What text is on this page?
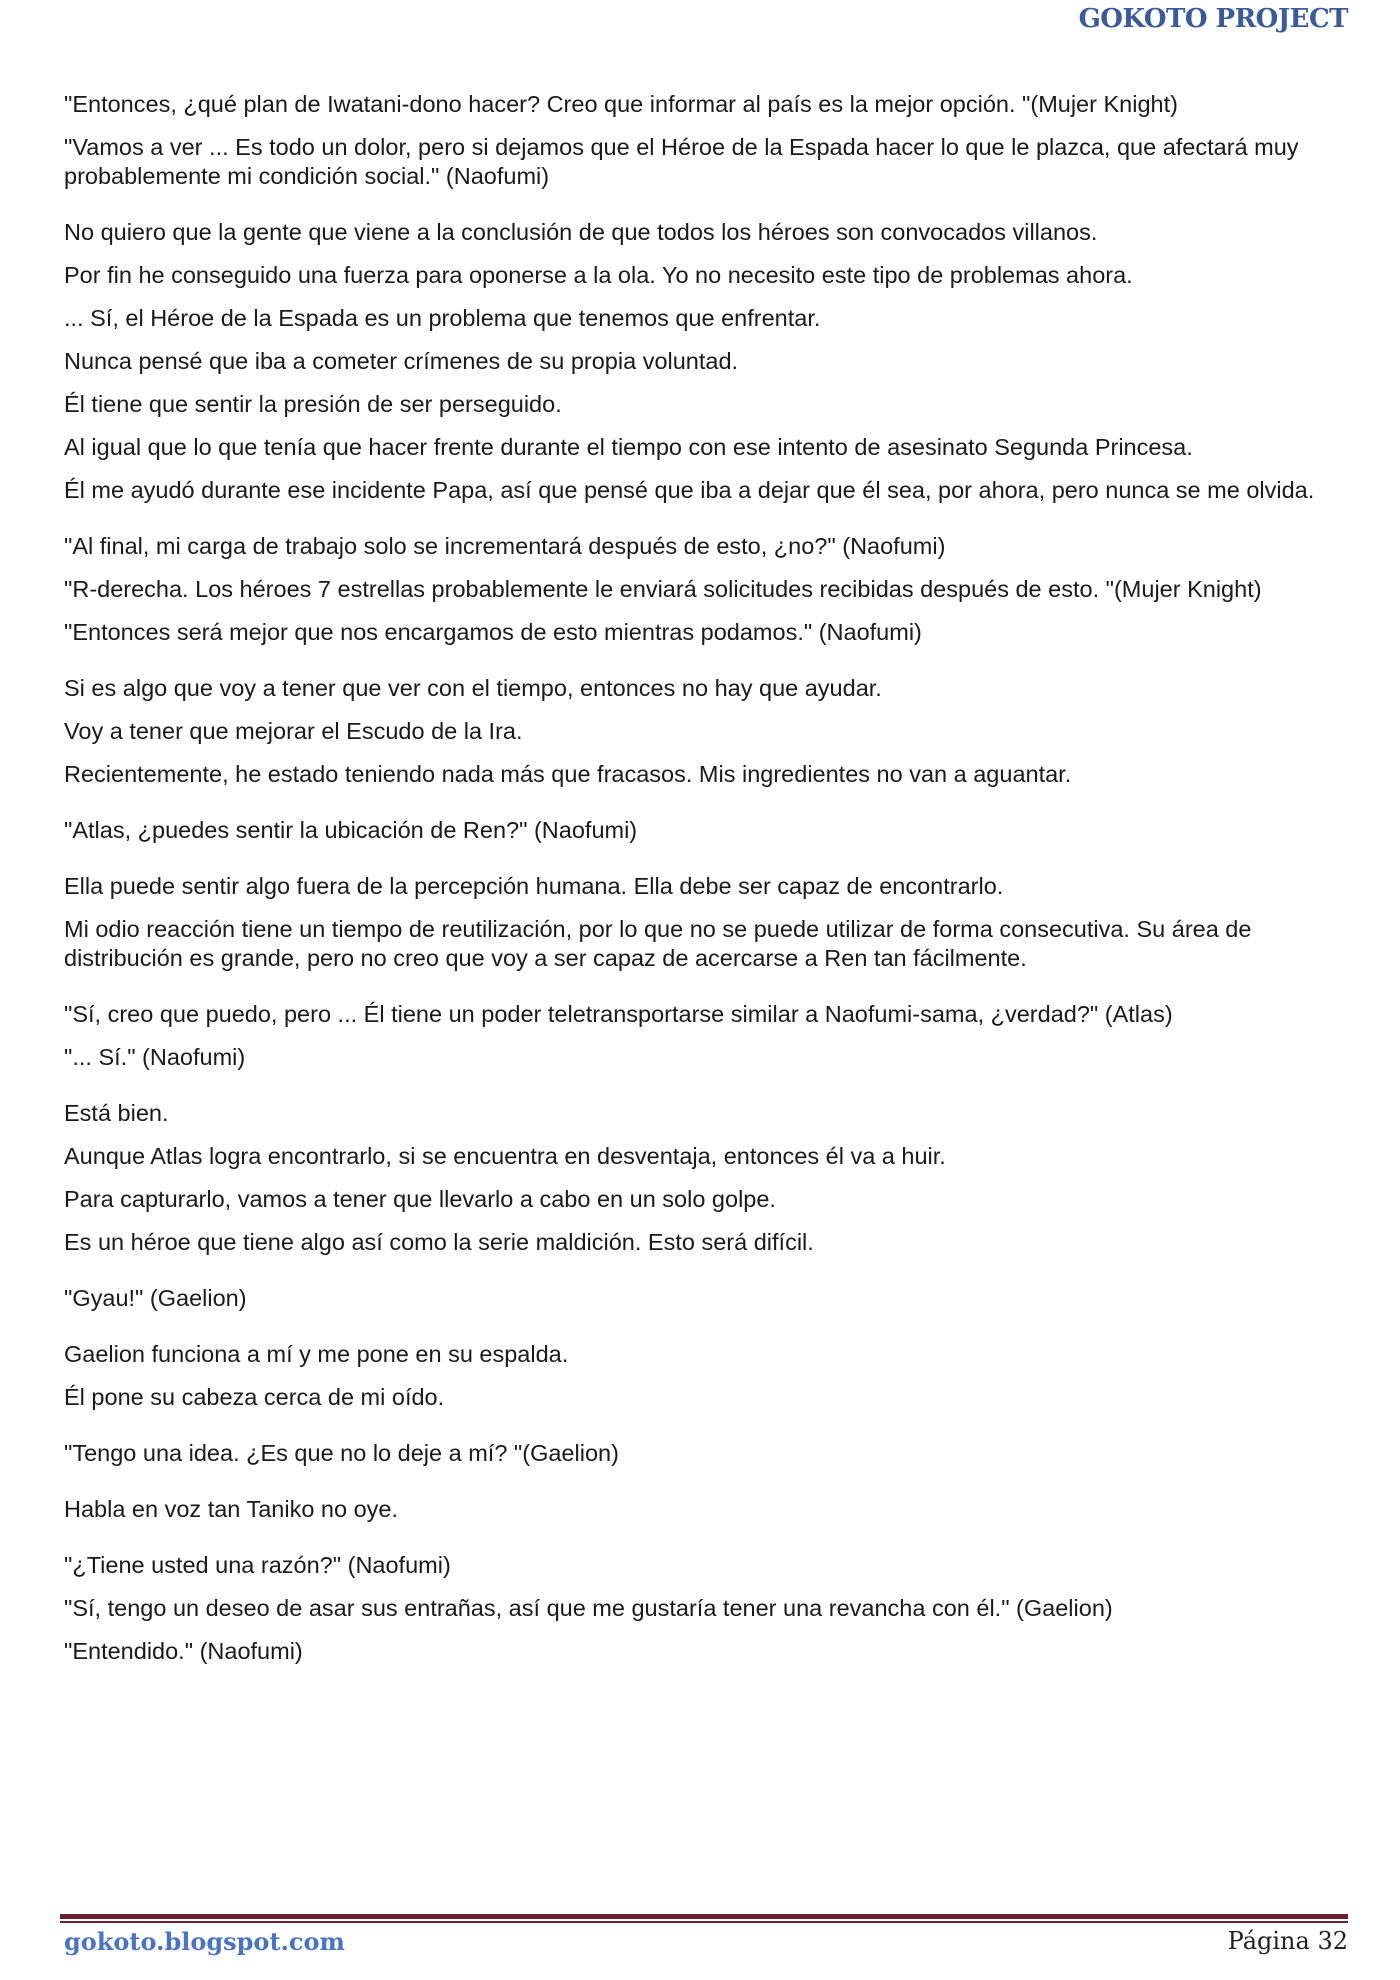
GOKOTO PROJECT

"Entonces, ¿qué plan de Iwatani-dono hacer? Creo que informar al país es la mejor opción. "(Mujer Knight)

"Vamos a ver ... Es todo un dolor, pero si dejamos que el Héroe de la Espada hacer lo que le plazca, que afectará muy probablemente mi condición social." (Naofumi)

No quiero que la gente que viene a la conclusión de que todos los héroes son convocados villanos.

Por fin he conseguido una fuerza para oponerse a la ola. Yo no necesito este tipo de problemas ahora.

... Sí, el Héroe de la Espada es un problema que tenemos que enfrentar.

Nunca pensé que iba a cometer crímenes de su propia voluntad.

Él tiene que sentir la presión de ser perseguido.

Al igual que lo que tenía que hacer frente durante el tiempo con ese intento de asesinato Segunda Princesa.

Él me ayudó durante ese incidente Papa, así que pensé que iba a dejar que él sea, por ahora, pero nunca se me olvida.

"Al final, mi carga de trabajo solo se incrementará después de esto, ¿no?" (Naofumi)

"R-derecha. Los héroes 7 estrellas probablemente le enviará solicitudes recibidas después de esto. "(Mujer Knight)

"Entonces será mejor que nos encargamos de esto mientras podamos." (Naofumi)

Si es algo que voy a tener que ver con el tiempo, entonces no hay que ayudar.

Voy a tener que mejorar el Escudo de la Ira.

Recientemente, he estado teniendo nada más que fracasos. Mis ingredientes no van a aguantar.

"Atlas, ¿puedes sentir la ubicación de Ren?" (Naofumi)

Ella puede sentir algo fuera de la percepción humana. Ella debe ser capaz de encontrarlo.

Mi odio reacción tiene un tiempo de reutilización, por lo que no se puede utilizar de forma consecutiva. Su área de distribución es grande, pero no creo que voy a ser capaz de acercarse a Ren tan fácilmente.

"Sí, creo que puedo, pero ... Él tiene un poder teletransportarse similar a Naofumi-sama, ¿verdad?" (Atlas)

"... Sí." (Naofumi)

Está bien.

Aunque Atlas logra encontrarlo, si se encuentra en desventaja, entonces él va a huir.

Para capturarlo, vamos a tener que llevarlo a cabo en un solo golpe.

Es un héroe que tiene algo así como la serie maldición. Esto será difícil.

"Gyau!" (Gaelion)

Gaelion funciona a mí y me pone en su espalda.

Él pone su cabeza cerca de mi oído.

"Tengo una idea. ¿Es que no lo deje a mí? "(Gaelion)

Habla en voz tan Taniko no oye.

"¿Tiene usted una razón?" (Naofumi)

"Sí, tengo un deseo de asar sus entrañas, así que me gustaría tener una revancha con él." (Gaelion)

"Entendido." (Naofumi)

gokoto.blogspot.com	Página 32
